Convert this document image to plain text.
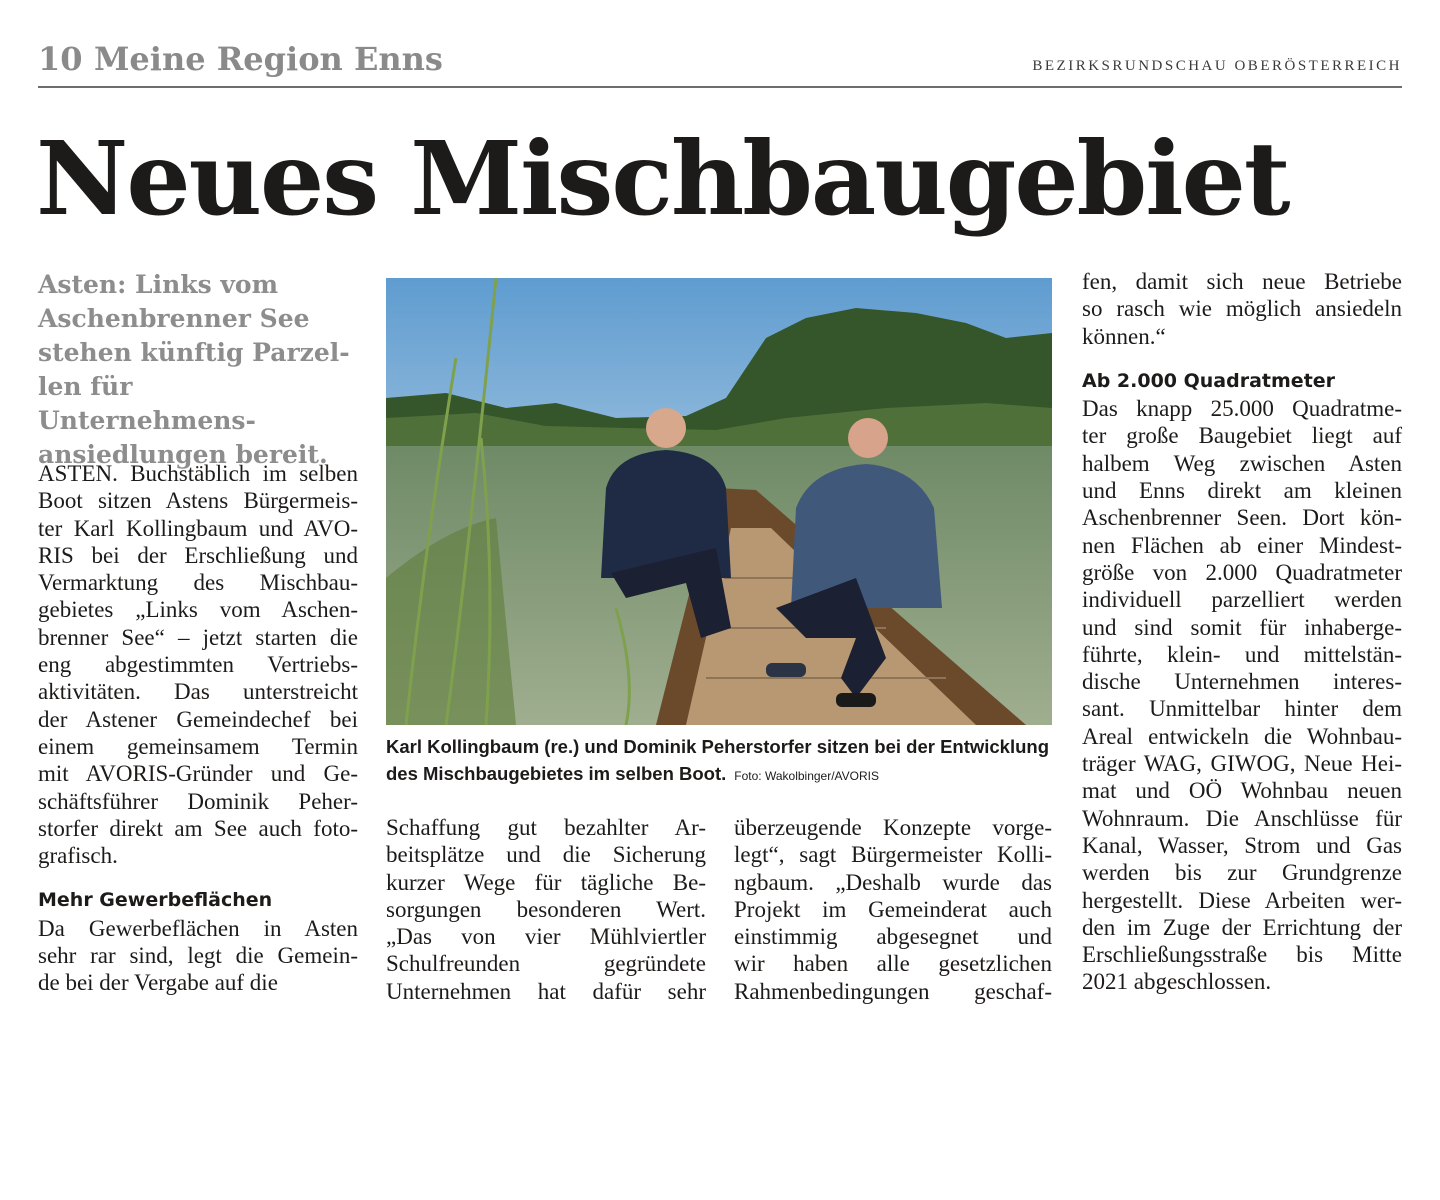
10 Meine Region Enns	BEZIRKSRUNDSCHAU OBERÖSTERREICH
Neues Mischbaugebiet
Asten: Links vom
Aschenbrenner See
stehen künftig Parzel-
len für Unternehmens-
ansiedlungen bereit.
ASTEN. Buchstäblich im selben
Boot sitzen Astens Bürgermeis-
ter Karl Kollingbaum und AVO-
RIS bei der Erschließung und
Vermarktung des Mischbau-
gebietes „Links vom Aschen-
brenner See“ – jetzt starten die
eng abgestimmten Vertriebs-
aktivitäten. Das unterstreicht
der Astener Gemeindechef bei
einem gemeinsamem Termin
mit AVORIS-Gründer und Ge-
schäftsführer Dominik Peher-
storfer direkt am See auch foto-
grafisch.
Mehr Gewerbeflächen
Da Gewerbeflächen in Asten
sehr rar sind, legt die Gemein-
de bei der Vergabe auf die
Schaffung gut bezahlter Ar-
beitsplätze und die Sicherung
kurzer Wege für tägliche Be-
sorgungen besonderen Wert.
„Das von vier Mühlviertler
Schulfreunden gegründete
Unternehmen hat dafür sehr
überzeugende Konzepte vorge-
legt“, sagt Bürgermeister Kolli-
ngbaum. „Deshalb wurde das
Projekt im Gemeinderat auch
einstimmig abgesegnet und
wir haben alle gesetzlichen
Rahmenbedingungen geschaf-
fen, damit sich neue Betriebe
so rasch wie möglich ansiedeln
können.“
Ab 2.000 Quadratmeter
Das knapp 25.000 Quadratme-
ter große Baugebiet liegt auf
halbem Weg zwischen Asten
und Enns direkt am kleinen
Aschenbrenner Seen. Dort kön-
nen Flächen ab einer Mindest-
größe von 2.000 Quadratmeter
individuell parzelliert werden
und sind somit für inhaberge-
führte, klein- und mittelstän-
dische Unternehmen interes-
sant. Unmittelbar hinter dem
Areal entwickeln die Wohnbau-
träger WAG, GIWOG, Neue Hei-
mat und OÖ Wohnbau neuen
Wohnraum. Die Anschlüsse für
Kanal, Wasser, Strom und Gas
werden bis zur Grundgrenze
hergestellt. Diese Arbeiten wer-
den im Zuge der Errichtung der
Erschließungsstraße bis Mitte
2021 abgeschlossen.
Karl Kollingbaum (re.) und Dominik Peherstorfer sitzen bei der Entwicklung des Mischbaugebietes im selben Boot. Foto: Wakolbinger/AVORIS
